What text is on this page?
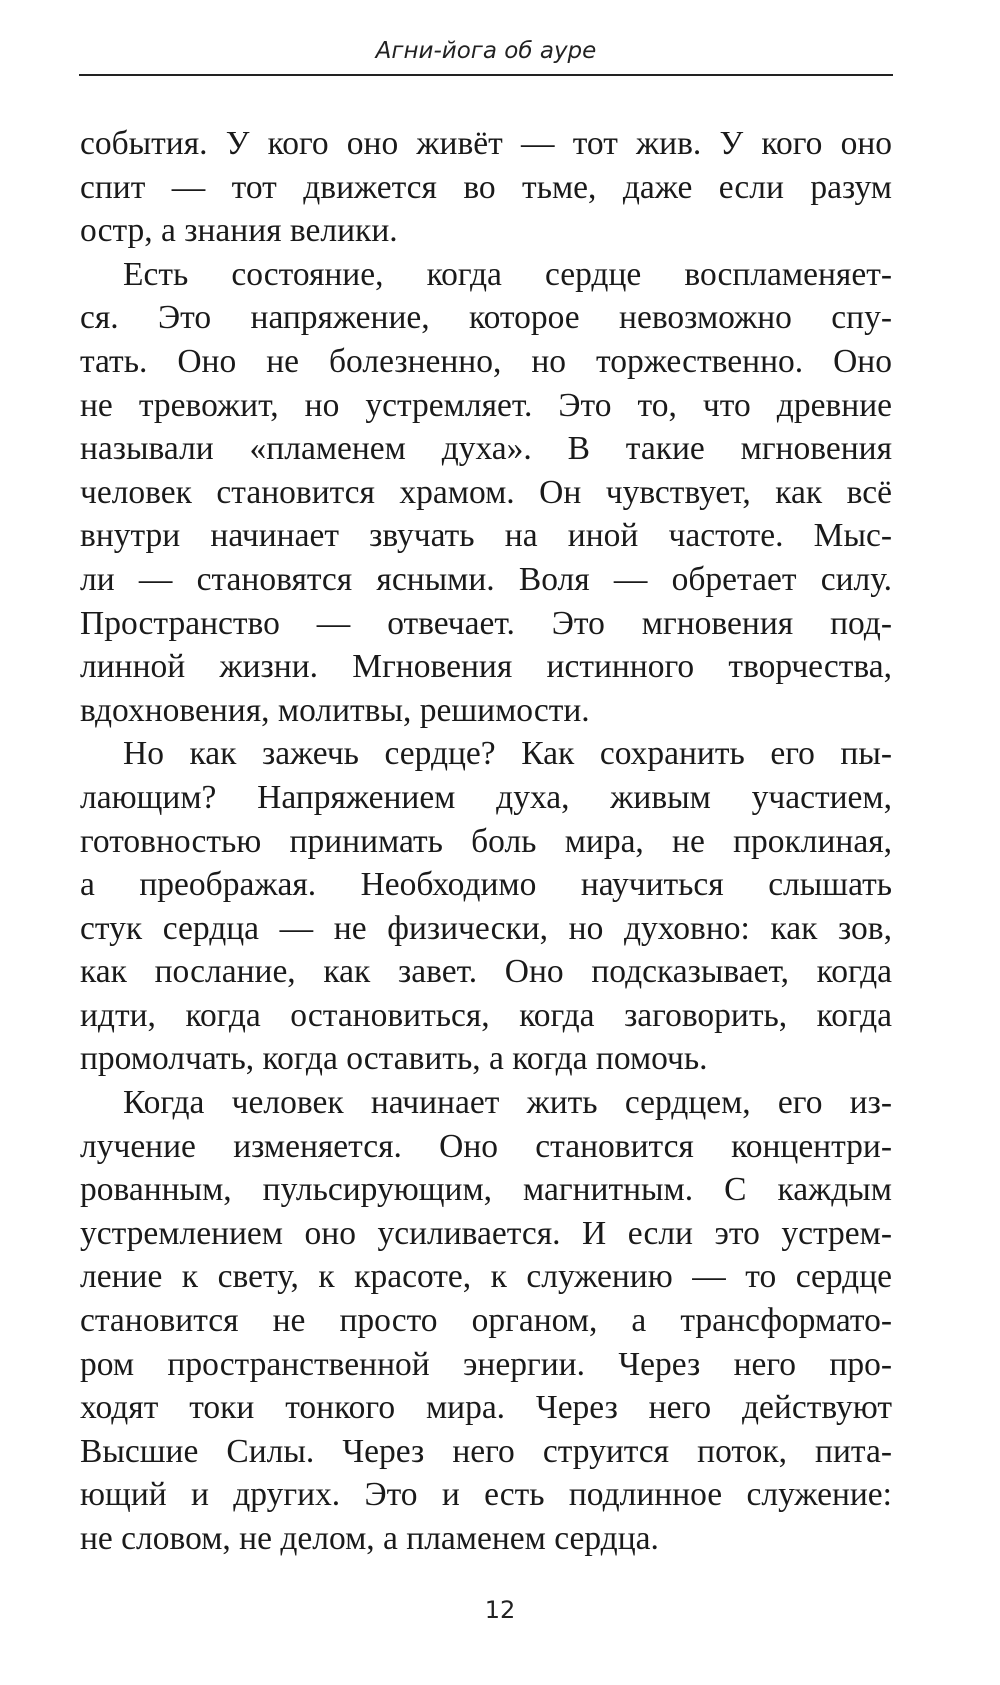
Агни-йога об ауре
события. У кого оно живёт — тот жив. У кого оно
спит — тот движется во тьме, даже если разум
остр, а знания велики.
Есть состояние, когда сердце воспламеняет-
ся. Это напряжение, которое невозможно спу-
тать. Оно не болезненно, но торжественно. Оно
не тревожит, но устремляет. Это то, что древние
называли «пламенем духа». В такие мгновения
человек становится храмом. Он чувствует, как всё
внутри начинает звучать на иной частоте. Мыс-
ли — становятся ясными. Воля — обретает силу.
Пространство — отвечает. Это мгновения под-
линной жизни. Мгновения истинного творчества,
вдохновения, молитвы, решимости.
Но как зажечь сердце? Как сохранить его пы-
лающим? Напряжением духа, живым участием,
готовностью принимать боль мира, не проклиная,
а преображая. Необходимо научиться слышать
стук сердца — не физически, но духовно: как зов,
как послание, как завет. Оно подсказывает, когда
идти, когда остановиться, когда заговорить, когда
промолчать, когда оставить, а когда помочь.
Когда человек начинает жить сердцем, его из-
лучение изменяется. Оно становится концентри-
рованным, пульсирующим, магнитным. С каждым
устремлением оно усиливается. И если это устрем-
ление к свету, к красоте, к служению — то сердце
становится не просто органом, а трансформато-
ром пространственной энергии. Через него про-
ходят токи тонкого мира. Через него действуют
Высшие Силы. Через него струится поток, пита-
ющий и других. Это и есть подлинное служение:
не словом, не делом, а пламенем сердца.
12
